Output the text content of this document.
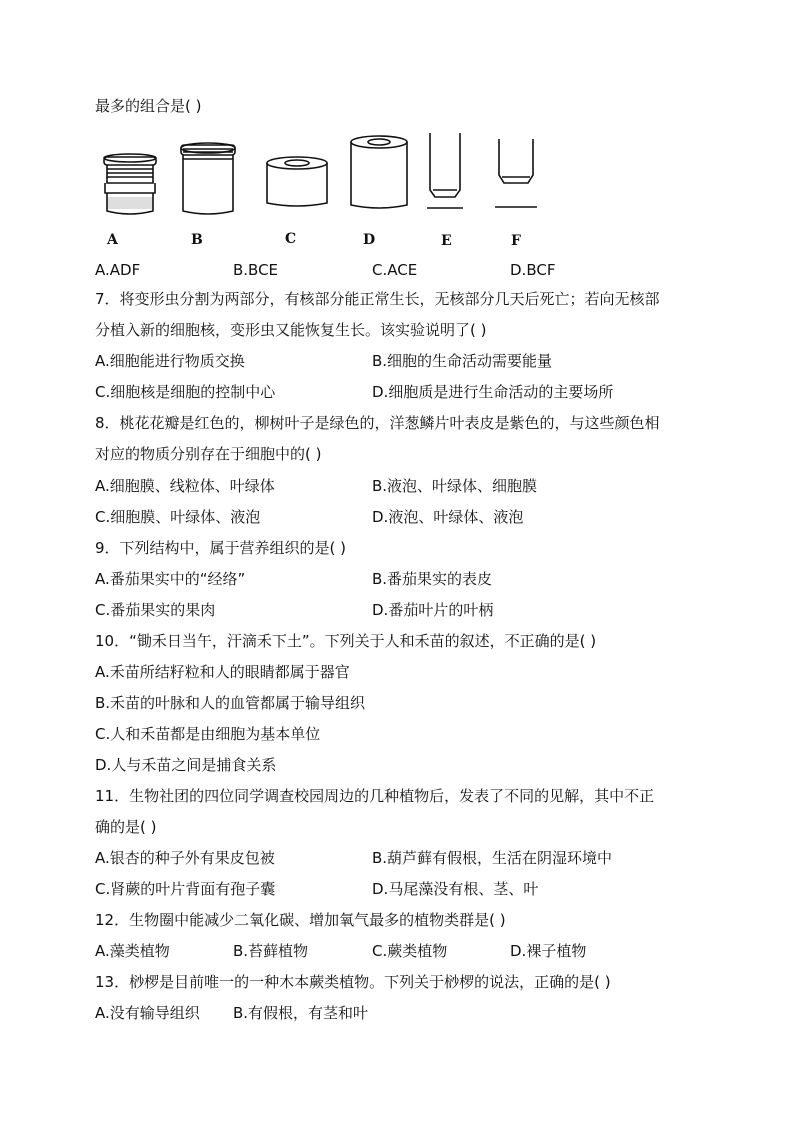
最多的组合是( )
A	B	C	D	E	F
A.ADF	B.BCE	C.ACE	D.BCF
7．将变形虫分割为两部分，有核部分能正常生长，无核部分几天后死亡；若向无核部
分植入新的细胞核，变形虫又能恢复生长。该实验说明了( )
A.细胞能进行物质交换	B.细胞的生命活动需要能量
C.细胞核是细胞的控制中心	D.细胞质是进行生命活动的主要场所
8．桃花花瓣是红色的，柳树叶子是绿色的，洋葱鳞片叶表皮是紫色的，与这些颜色相
对应的物质分别存在于细胞中的( )
A.细胞膜、线粒体、叶绿体	B.液泡、叶绿体、细胞膜
C.细胞膜、叶绿体、液泡	D.液泡、叶绿体、液泡
9．下列结构中，属于营养组织的是( )
A.番茄果实中的“经络”	B.番茄果实的表皮
C.番茄果实的果肉	D.番茄叶片的叶柄
10．“锄禾日当午，汗滴禾下土”。下列关于人和禾苗的叙述，不正确的是( )
A.禾苗所结籽粒和人的眼睛都属于器官
B.禾苗的叶脉和人的血管都属于输导组织
C.人和禾苗都是由细胞为基本单位
D.人与禾苗之间是捕食关系
11．生物社团的四位同学调查校园周边的几种植物后，发表了不同的见解，其中不正
确的是( )
A.银杏的种子外有果皮包被	B.葫芦藓有假根，生活在阴湿环境中
C.肾蕨的叶片背面有孢子囊	D.马尾藻没有根、茎、叶
12．生物圈中能减少二氧化碳、增加氧气最多的植物类群是( )
A.藻类植物	B.苔藓植物	C.蕨类植物	D.裸子植物
13．桫椤是目前唯一的一种木本蕨类植物。下列关于桫椤的说法，正确的是( )
A.没有输导组织 B.有假根，有茎和叶
